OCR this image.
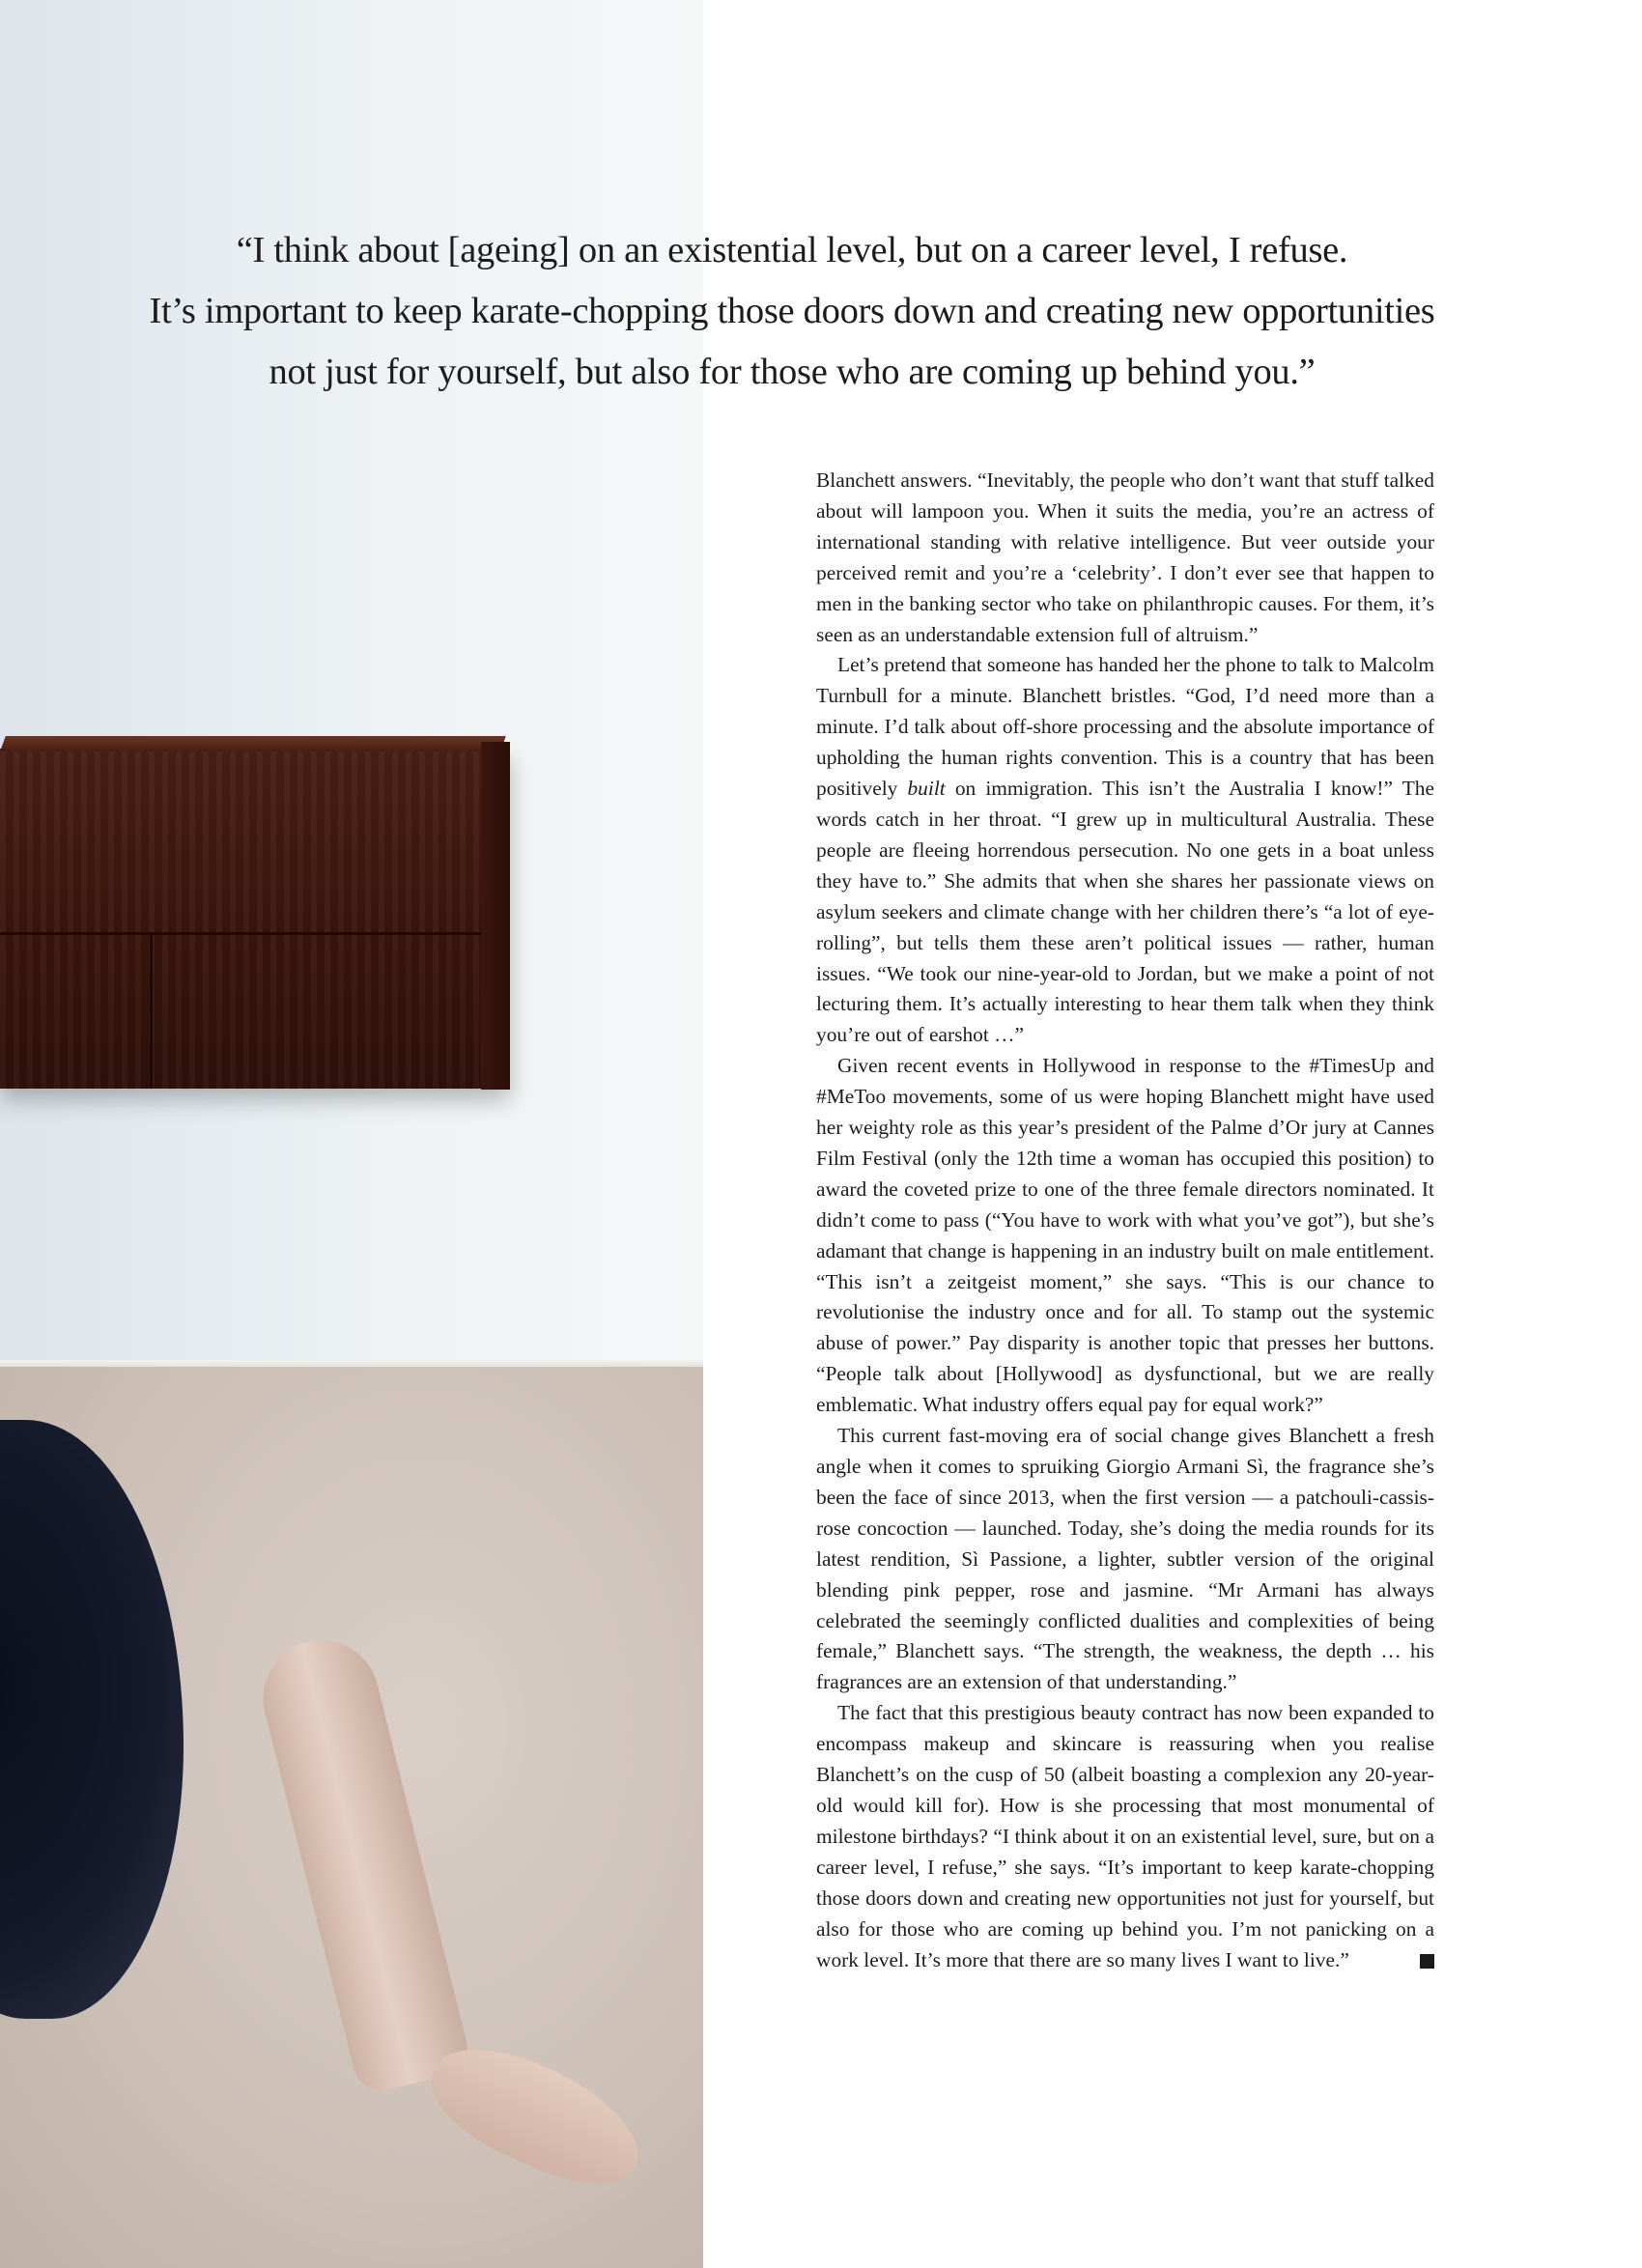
“I think about [ageing] on an existential level, but on a career level, I refuse.
It’s important to keep karate-chopping those doors down and creating new opportunities
not just for yourself, but also for those who are coming up behind you.”

Blanchett answers. “Inevitably, the people who don’t want that stuff talked about will lampoon you. When it suits the media, you’re an actress of international standing with relative intelligence. But veer outside your perceived remit and you’re a ‘celebrity’. I don’t ever see that happen to men in the banking sector who take on philanthropic causes. For them, it’s seen as an understandable extension full of altruism.”

Let’s pretend that someone has handed her the phone to talk to Malcolm Turnbull for a minute. Blanchett bristles. “God, I’d need more than a minute. I’d talk about off-shore processing and the absolute importance of upholding the human rights convention. This is a country that has been positively built on immigration. This isn’t the Australia I know!” The words catch in her throat. “I grew up in multicultural Australia. These people are fleeing horrendous persecution. No one gets in a boat unless they have to.” She admits that when she shares her passionate views on asylum seekers and climate change with her children there’s “a lot of eye-rolling”, but tells them these aren’t political issues — rather, human issues. “We took our nine-year-old to Jordan, but we make a point of not lecturing them. It’s actually interesting to hear them talk when they think you’re out of earshot …”

Given recent events in Hollywood in response to the #TimesUp and #MeToo movements, some of us were hoping Blanchett might have used her weighty role as this year’s president of the Palme d’Or jury at Cannes Film Festival (only the 12th time a woman has occupied this position) to award the coveted prize to one of the three female directors nominated. It didn’t come to pass (“You have to work with what you’ve got”), but she’s adamant that change is happening in an industry built on male entitlement. “This isn’t a zeitgeist moment,” she says. “This is our chance to revolutionise the industry once and for all. To stamp out the systemic abuse of power.” Pay disparity is another topic that presses her buttons. “People talk about [Hollywood] as dysfunctional, but we are really emblematic. What industry offers equal pay for equal work?”

This current fast-moving era of social change gives Blanchett a fresh angle when it comes to spruiking Giorgio Armani Sì, the fragrance she’s been the face of since 2013, when the first version — a patchouli-cassis-rose concoction — launched. Today, she’s doing the media rounds for its latest rendition, Sì Passione, a lighter, subtler version of the original blending pink pepper, rose and jasmine. “Mr Armani has always celebrated the seemingly conflicted dualities and complexities of being female,” Blanchett says. “The strength, the weakness, the depth … his fragrances are an extension of that understanding.”

The fact that this prestigious beauty contract has now been expanded to encompass makeup and skincare is reassuring when you realise Blanchett’s on the cusp of 50 (albeit boasting a complexion any 20-year-old would kill for). How is she processing that most monumental of milestone birthdays? “I think about it on an existential level, sure, but on a career level, I refuse,” she says. “It’s important to keep karate-chopping those doors down and creating new opportunities not just for yourself, but also for those who are coming up behind you. I’m not panicking on a work level. It’s more that there are so many lives I want to live.”
